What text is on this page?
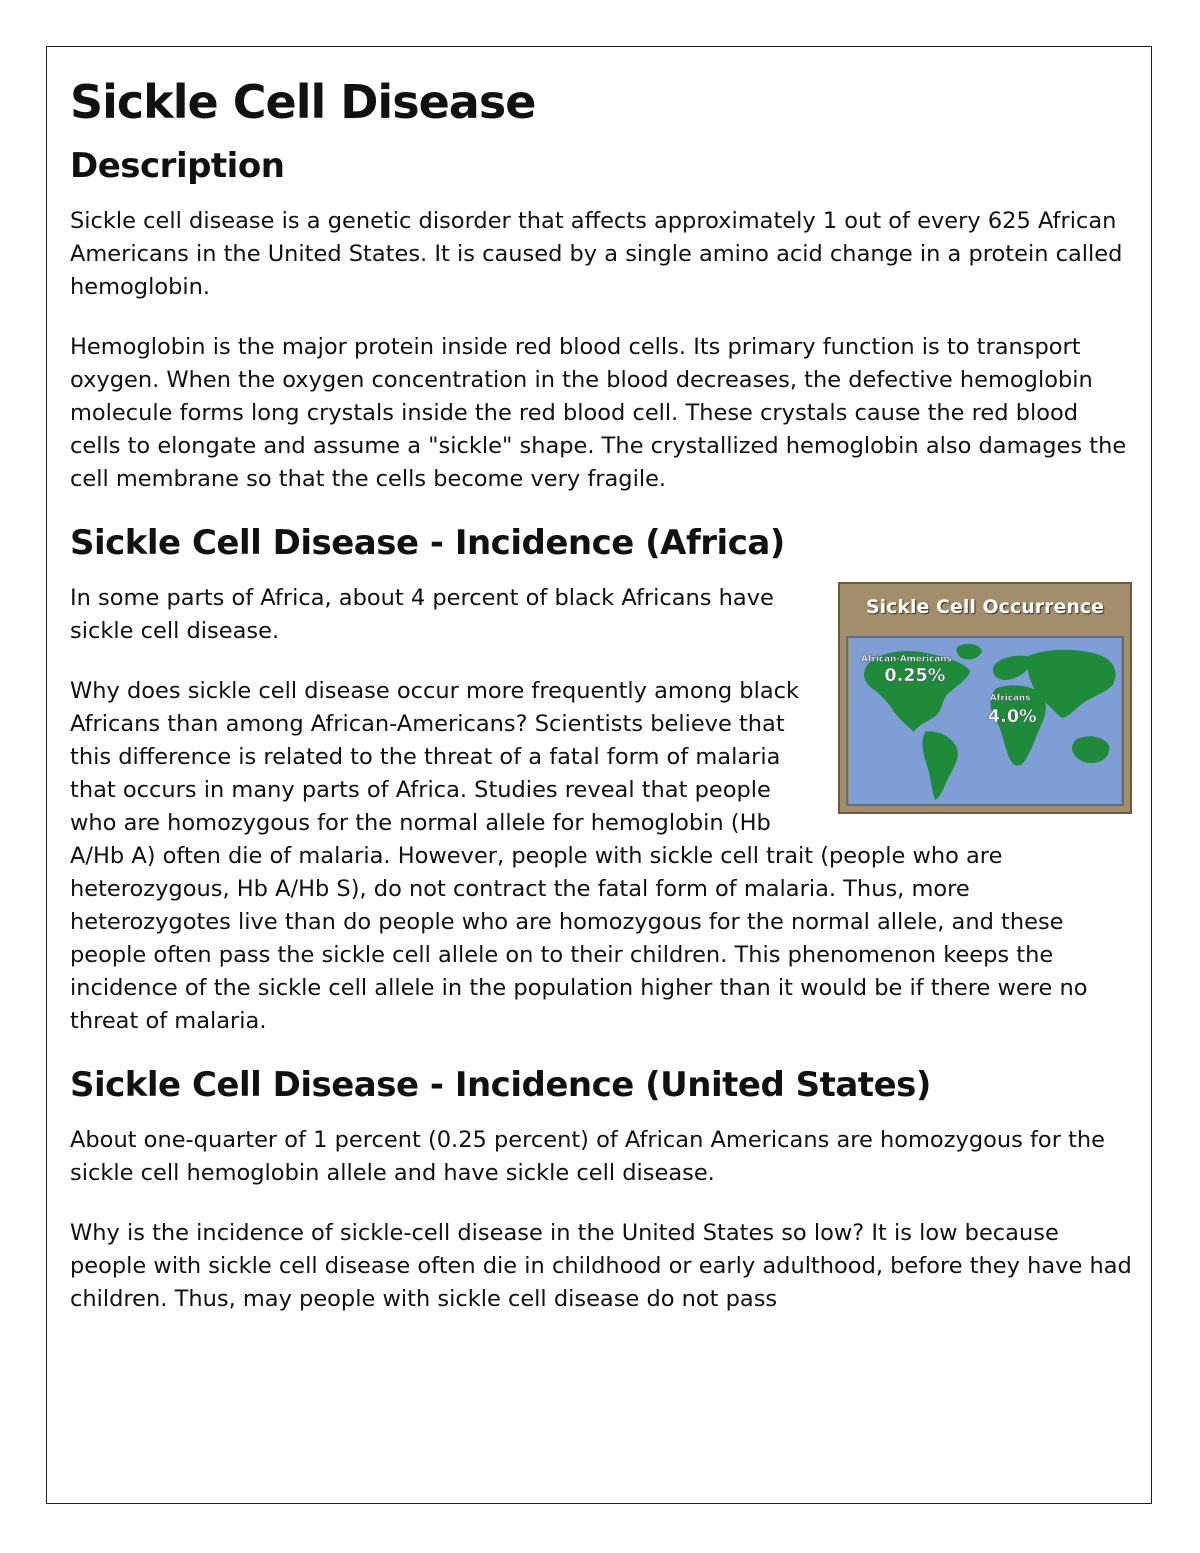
Sickle Cell Disease
Description

Sickle cell disease is a genetic disorder that affects approximately 1 out of every 625 African Americans in the United States. It is caused by a single amino acid change in a protein called hemoglobin.

Hemoglobin is the major protein inside red blood cells. Its primary function is to transport oxygen. When the oxygen concentration in the blood decreases, the defective hemoglobin molecule forms long crystals inside the red blood cell. These crystals cause the red blood cells to elongate and assume a "sickle" shape. The crystallized hemoglobin also damages the cell membrane so that the cells become very fragile.

Sickle Cell Disease - Incidence (Africa)
Sickle Cell Occurrence
African-Americans
0.25%
Africans
4.0%

In some parts of Africa, about 4 percent of black Africans have sickle cell disease.

Why does sickle cell disease occur more frequently among black Africans than among African-Americans? Scientists believe that this difference is related to the threat of a fatal form of malaria that occurs in many parts of Africa. Studies reveal that people who are homozygous for the normal allele for hemoglobin (Hb A/Hb A) often die of malaria. However, people with sickle cell trait (people who are heterozygous, Hb A/Hb S), do not contract the fatal form of malaria. Thus, more heterozygotes live than do people who are homozygous for the normal allele, and these people often pass the sickle cell allele on to their children. This phenomenon keeps the incidence of the sickle cell allele in the population higher than it would be if there were no threat of malaria.

Sickle Cell Disease - Incidence (United States)

About one-quarter of 1 percent (0.25 percent) of African Americans are homozygous for the sickle cell hemoglobin allele and have sickle cell disease.

Why is the incidence of sickle-cell disease in the United States so low? It is low because people with sickle cell disease often die in childhood or early adulthood, before they have had children. Thus, may people with sickle cell disease do not pass
